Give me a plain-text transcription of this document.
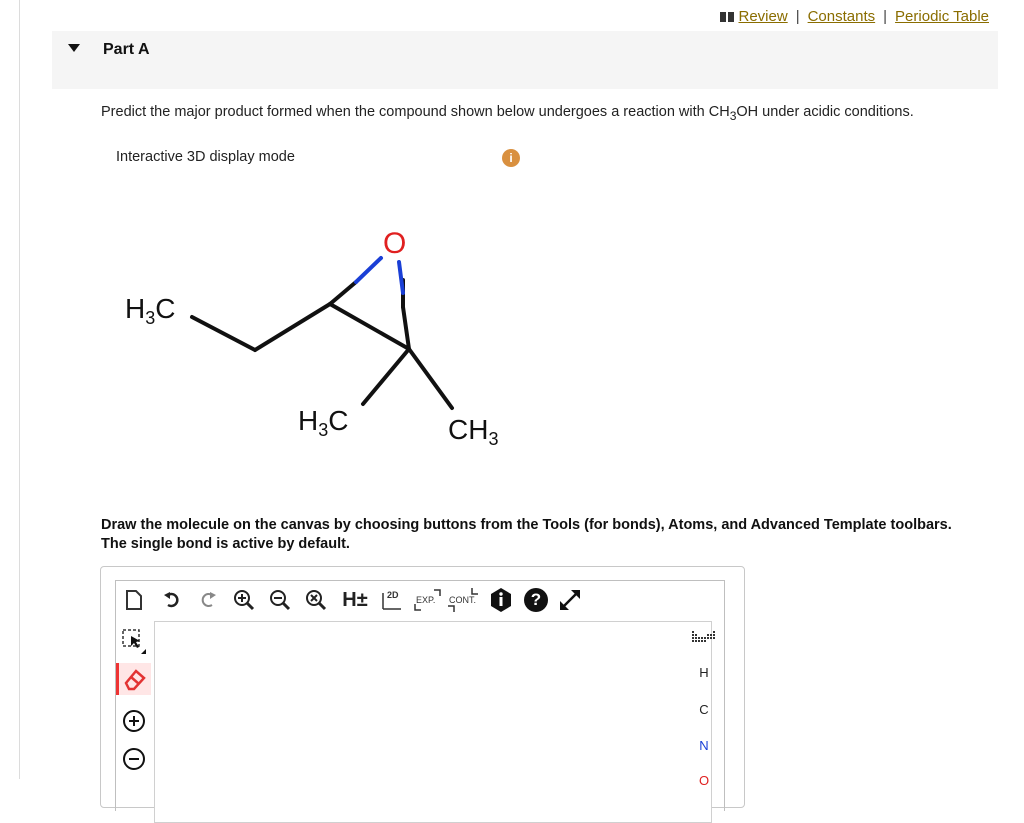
Review | Constants | Periodic Table
Part A
Predict the major product formed when the compound shown below undergoes a reaction with $CH_3OH$ under acidic conditions.
Interactive 3D display mode	i
O
$H_3C$
$H_3C$	$CH_3$
Draw the molecule on the canvas by choosing buttons from the Tools (for bonds), Atoms, and Advanced Template toolbars. The single bond is active by default.
H±	2D EXP. CONT.	?
H
C
N
O
